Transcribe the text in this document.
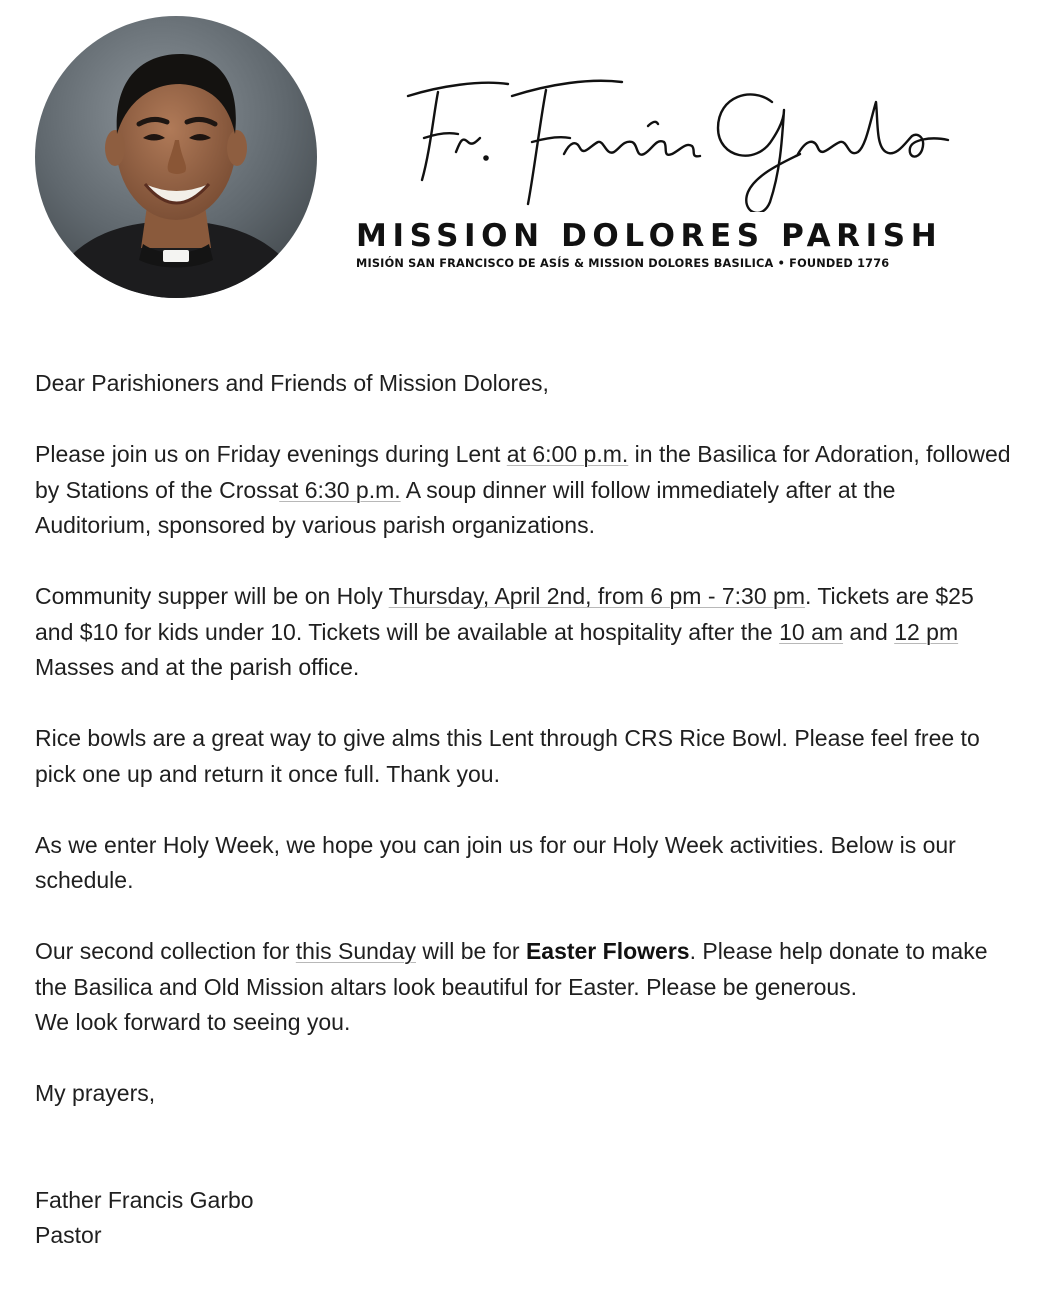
MISSION DOLORES PARISH
MISIÓN SAN FRANCISCO DE ASÍS & MISSION DOLORES BASILICA • FOUNDED 1776

Dear Parishioners and Friends of Mission Dolores,

Please join us on Friday evenings during Lent at 6:00 p.m. in the Basilica for Adoration, followed by Stations of the Crossat 6:30 p.m. A soup dinner will follow immediately after at the Auditorium, sponsored by various parish organizations.

Community supper will be on Holy Thursday, April 2nd, from 6 pm - 7:30 pm. Tickets are $25 and $10 for kids under 10. Tickets will be available at hospitality after the 10 am and 12 pm Masses and at the parish office.

Rice bowls are a great way to give alms this Lent through CRS Rice Bowl. Please feel free to pick one up and return it once full. Thank you.

As we enter Holy Week, we hope you can join us for our Holy Week activities. Below is our schedule.

Our second collection for this Sunday will be for Easter Flowers. Please help donate to make the Basilica and Old Mission altars look beautiful for Easter. Please be generous.

We look forward to seeing you.

My prayers,

Father Francis Garbo

Pastor
